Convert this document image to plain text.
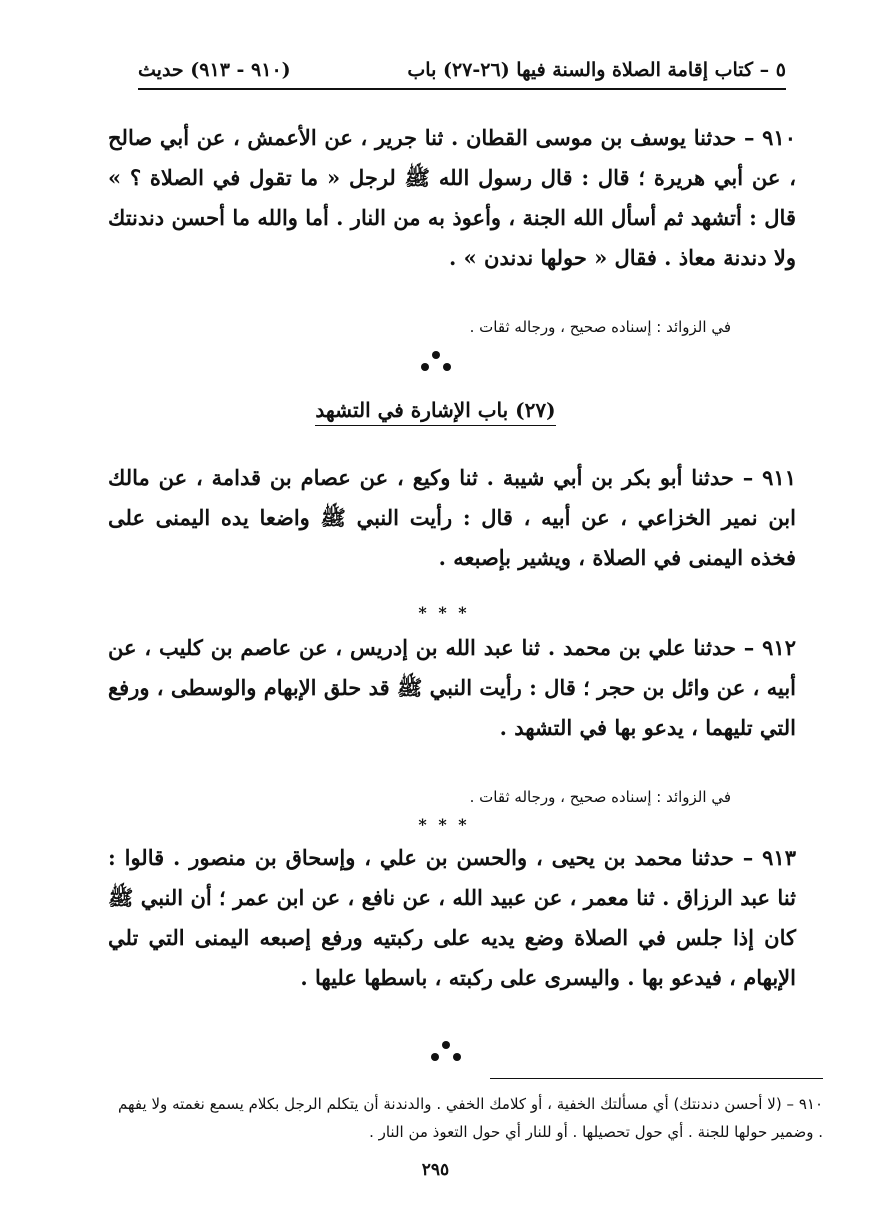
٥ – كتاب إقامة الصلاة والسنة فيها (٢٦-٢٧) باب
(٩١٠ - ٩١٣) حديث
٩١٠ – حدثنا يوسف بن موسى القطان . ثنا جرير ، عن الأعمش ، عن أبي صالح ، عن أبي هريرة ؛ قال : قال رسول الله ﷺ لرجل « ما تقول في الصلاة ؟ » قال : أتشهد ثم أسأل الله الجنة ، وأعوذ به من النار . أما والله ما أحسن دندنتك ولا دندنة معاذ . فقال « حولها ندندن » .
في الزوائد : إسناده صحيح ، ورجاله ثقات .
(٢٧) باب الإشارة في التشهد
٩١١ – حدثنا أبو بكر بن أبي شيبة . ثنا وكيع ، عن عصام بن قدامة ، عن مالك ابن نمير الخزاعي ، عن أبيه ، قال : رأيت النبي ﷺ واضعا يده اليمنى على فخذه اليمنى في الصلاة ، ويشير بإصبعه .
* * *
٩١٢ – حدثنا علي بن محمد . ثنا عبد الله بن إدريس ، عن عاصم بن كليب ، عن أبيه ، عن وائل بن حجر ؛ قال : رأيت النبي ﷺ قد حلق الإبهام والوسطى ، ورفع التي تليهما ، يدعو بها في التشهد .
في الزوائد : إسناده صحيح ، ورجاله ثقات .
* * *
٩١٣ – حدثنا محمد بن يحيى ، والحسن بن علي ، وإسحاق بن منصور . قالوا : ثنا عبد الرزاق . ثنا معمر ، عن عبيد الله ، عن نافع ، عن ابن عمر ؛ أن النبي ﷺ كان إذا جلس في الصلاة وضع يديه على ركبتيه ورفع إصبعه اليمنى التي تلي الإبهام ، فيدعو بها . واليسرى على ركبته ، باسطها عليها .
٩١٠ – (لا أحسن دندنتك) أي مسألتك الخفية ، أو كلامك الخفي . والدندنة أن يتكلم الرجل بكلام يسمع نغمته ولا يفهم . وضمير حولها للجنة . أي حول تحصيلها . أو للنار أي حول التعوذ من النار .
٢٩٥
